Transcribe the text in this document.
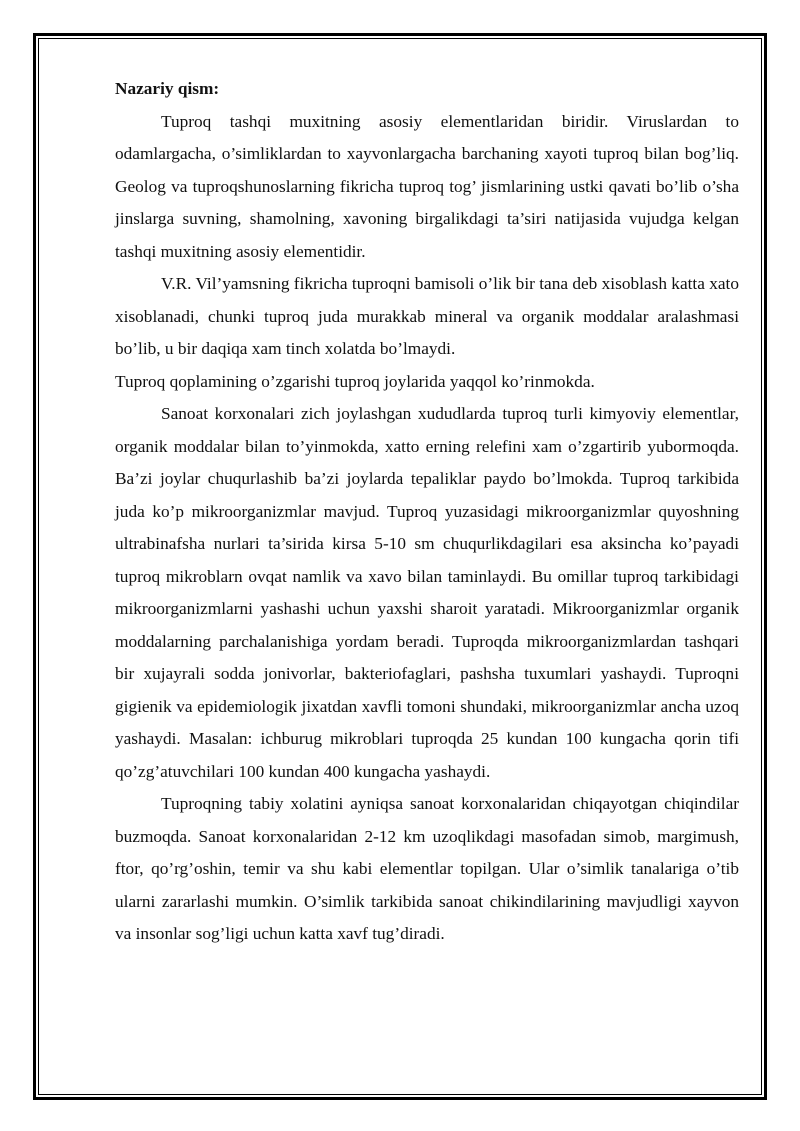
Nazariy qism:

Tuproq tashqi muxitning asosiy elementlaridan biridir. Viruslardan to odamlargacha, o’simliklardan to xayvonlargacha barchaning xayoti tuproq bilan bog’liq. Geolog va tuproqshunoslarning fikricha tuproq tog’ jismlarining ustki qavati bo’lib o’sha jinslarga suvning, shamolning, xavoning birgalikdagi ta’siri natijasida vujudga kelgan tashqi muxitning asosiy elementidir.

V.R. Vil’yamsning fikricha tuproqni bamisoli o’lik bir tana deb xisoblash katta xato xisoblanadi, chunki tuproq juda murakkab mineral va organik moddalar aralashmasi bo’lib, u bir daqiqa xam tinch xolatda bo’lmaydi.

Tuproq qoplamining o’zgarishi tuproq joylarida yaqqol ko’rinmokda.

Sanoat korxonalari zich joylashgan xududlarda tuproq turli kimyoviy elementlar, organik moddalar bilan to’yinmokda, xatto erning relefini xam o’zgartirib yubormoqda. Ba’zi joylar chuqurlashib ba’zi joylarda tepaliklar paydo bo’lmokda. Tuproq tarkibida juda ko’p mikroorganizmlar mavjud. Tuproq yuzasidagi mikroorganizmlar quyoshning ultrabinafsha nurlari ta’sirida kirsa 5-10 sm chuqurlikdagilari esa aksincha ko’payadi tuproq mikroblarn ovqat namlik va xavo bilan taminlaydi. Bu omillar tuproq tarkibidagi mikroorganizmlarni yashashi uchun yaxshi sharoit yaratadi. Mikroorganizmlar organik moddalarning parchalanishiga yordam beradi. Tuproqda mikroorganizmlardan tashqari bir xujayrali sodda jonivorlar, bakteriofaglari, pashsha tuxumlari yashaydi. Tuproqni gigienik va epidemiologik jixatdan xavfli tomoni shundaki, mikroorganizmlar ancha uzoq yashaydi. Masalan: ichburug mikroblari tuproqda 25 kundan 100 kungacha qorin tifi qo’zg’atuvchilari 100 kundan 400 kungacha yashaydi.

Tuproqning tabiy xolatini ayniqsa sanoat korxonalaridan chiqayotgan chiqindilar buzmoqda. Sanoat korxonalaridan 2-12 km uzoqlikdagi masofadan simob, margimush, ftor, qo’rg’oshin, temir va shu kabi elementlar topilgan. Ular o’simlik tanalariga o’tib ularni zararlashi mumkin. O’simlik tarkibida sanoat chikindilarining mavjudligi xayvon va insonlar sog’ligi uchun katta xavf tug’diradi.
